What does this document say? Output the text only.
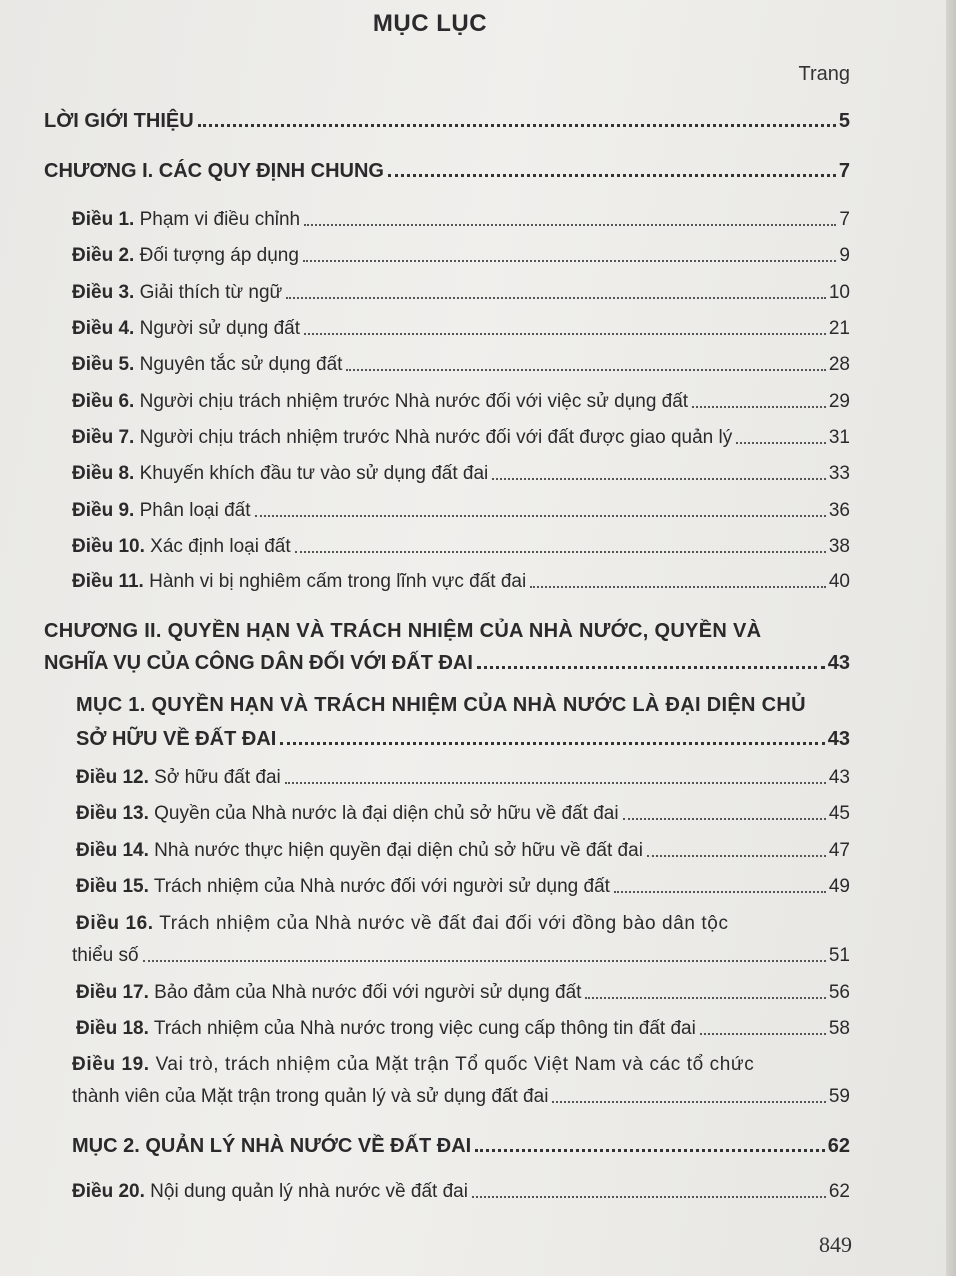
MỤC LỤC
Trang
LỜI GIỚI THIỆU	5
CHƯƠNG I. CÁC QUY ĐỊNH CHUNG	7
Điều 1. Phạm vi điều chỉnh	7
Điều 2. Đối tượng áp dụng	9
Điều 3. Giải thích từ ngữ	10
Điều 4. Người sử dụng đất	21
Điều 5. Nguyên tắc sử dụng đất	28
Điều 6. Người chịu trách nhiệm trước Nhà nước đối với việc sử dụng đất	29
Điều 7. Người chịu trách nhiệm trước Nhà nước đối với đất được giao quản lý	31
Điều 8. Khuyến khích đầu tư vào sử dụng đất đai	33
Điều 9. Phân loại đất	36
Điều 10. Xác định loại đất	38
Điều 11. Hành vi bị nghiêm cấm trong lĩnh vực đất đai	40
CHƯƠNG II. QUYỀN HẠN VÀ TRÁCH NHIỆM CỦA NHÀ NƯỚC, QUYỀN VÀ
NGHĨA VỤ CỦA CÔNG DÂN ĐỐI VỚI ĐẤT ĐAI	43
MỤC 1. QUYỀN HẠN VÀ TRÁCH NHIỆM CỦA NHÀ NƯỚC LÀ ĐẠI DIỆN CHỦ
SỞ HỮU VỀ ĐẤT ĐAI	43
Điều 12. Sở hữu đất đai	43
Điều 13. Quyền của Nhà nước là đại diện chủ sở hữu về đất đai	45
Điều 14. Nhà nước thực hiện quyền đại diện chủ sở hữu về đất đai	47
Điều 15. Trách nhiệm của Nhà nước đối với người sử dụng đất	49
Điều 16. Trách nhiệm của Nhà nước về đất đai đối với đồng bào dân tộc
thiểu số	51
Điều 17. Bảo đảm của Nhà nước đối với người sử dụng đất	56
Điều 18. Trách nhiệm của Nhà nước trong việc cung cấp thông tin đất đai	58
Điều 19. Vai trò, trách nhiệm của Mặt trận Tổ quốc Việt Nam và các tổ chức
thành viên của Mặt trận trong quản lý và sử dụng đất đai	59
MỤC 2. QUẢN LÝ NHÀ NƯỚC VỀ ĐẤT ĐAI	62
Điều 20. Nội dung quản lý nhà nước về đất đai	62
849
